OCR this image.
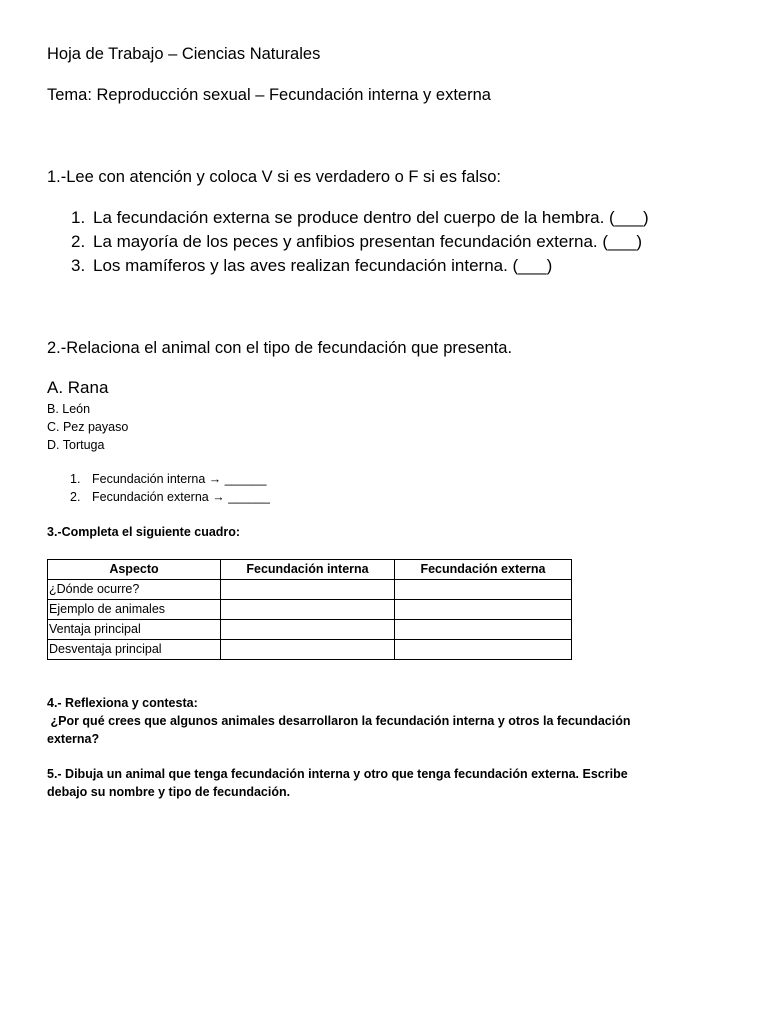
Hoja de Trabajo – Ciencias Naturales
Tema: Reproducción sexual – Fecundación interna y externa
1.-Lee con atención y coloca V si es verdadero o F si es falso:
1. La fecundación externa se produce dentro del cuerpo de la hembra. (___)
2. La mayoría de los peces y anfibios presentan fecundación externa. (___)
3. Los mamíferos y las aves realizan fecundación interna. (___)
2.-Relaciona el animal con el tipo de fecundación que presenta.
A. Rana
B. León
C. Pez payaso
D. Tortuga
1. Fecundación interna → ______
2. Fecundación externa → ______
3.-Completa el siguiente cuadro:
Aspecto	Fecundación interna	Fecundación externa
¿Dónde ocurre?		
Ejemplo de animales		
Ventaja principal		
Desventaja principal		
4.- Reflexiona y contesta:
¿Por qué crees que algunos animales desarrollaron la fecundación interna y otros la fecundación
externa?
5.- Dibuja un animal que tenga fecundación interna y otro que tenga fecundación externa. Escribe
debajo su nombre y tipo de fecundación.
